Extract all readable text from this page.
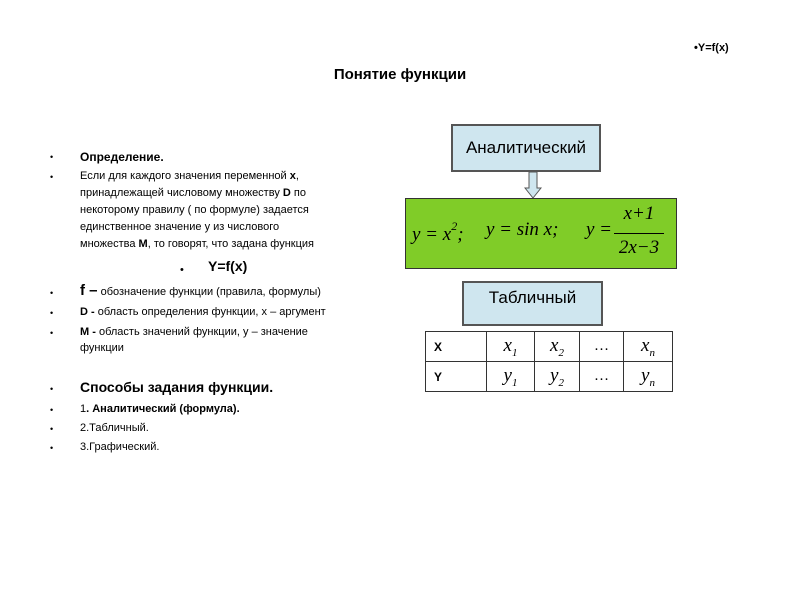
•Y=f(x)
Понятие функции
• Определение.
• Если для каждого значения переменной x,
принадлежащей числовому множеству D по
некоторому правилу ( по формуле) задается
единственное значение y из числового
множества M, то говорят, что задана функция
• Y=f(x)
• f – обозначение функции (правила, формулы)
• D - область определения функции, x – аргумент
• M - область значений функции, y – значение
функции
• Способы задания функции.
• 1. Аналитический (формула).
• 2.Табличный.
• 3.Графический.
Аналитический
$y = x^2$; y = sin x; y =
x+1
2x−3
Табличный
X	$x_1$	$x_2$	…	$x_n$
Y	$y_1$	$y_2$	…	$y_n$
